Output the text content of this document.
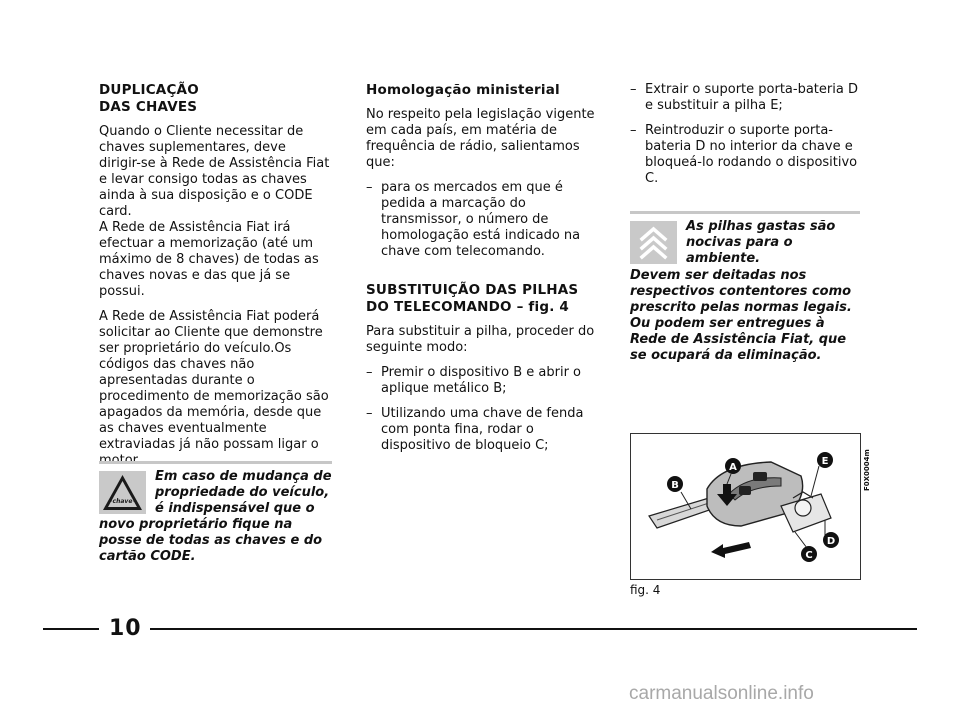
DUPLICAÇÃO
DAS CHAVES

Quando o Cliente necessitar de chaves suplementares, deve dirigir-se à Rede de Assistência Fiat e levar consigo todas as chaves ainda à sua disposição e o CODE card.
A Rede de Assistência Fiat irá efectuar a memorização (até um máximo de 8 chaves) de todas as chaves novas e das que já se possui.

A Rede de Assistência Fiat poderá solicitar ao Cliente que demonstre ser proprietário do veículo.Os códigos das chaves não apresentadas durante o procedimento de memorização são apagados da memória, desde que as chaves eventualmente extraviadas já não possam ligar o

~chave~
Em caso de mudança de
propriedade do veículo,
é indispensável que o
novo proprietário fique na posse de todas as chaves e do cartão CODE.
Homologação ministerial

No respeito pela legislação vigente em cada país, em matéria de frequência de rádio, salientamos que:

– para os mercados em que é pedida a marcação do transmissor, o número de homologação está indicado na chave com telecomando.
SUBSTITUIÇÃO DAS PILHAS
DO TELECOMANDO – fig. 4

Para substituir a pilha, proceder do seguinte modo:

– Premir o dispositivo B e abrir o aplique metálico B;
– Utilizando uma chave de fenda com ponta fina, rodar o dispositivo de bloqueio C;
– Extrair o suporte porta-bateria D e substituir a pilha E;
– Reintroduzir o suporte porta-bateria D no interior da chave e bloqueá-lo rodando o dispositivo C.
As pilhas gastas são
nocivas para o
ambiente.
Devem ser deitadas nos respectivos contentores como prescrito pelas normas legais. Ou podem ser entregues à Rede de Assistência Fiat, que se ocupará da eliminação.
A
B
C
D
E	F0X0004m
fig. 4
10
carmanualsonline.info
